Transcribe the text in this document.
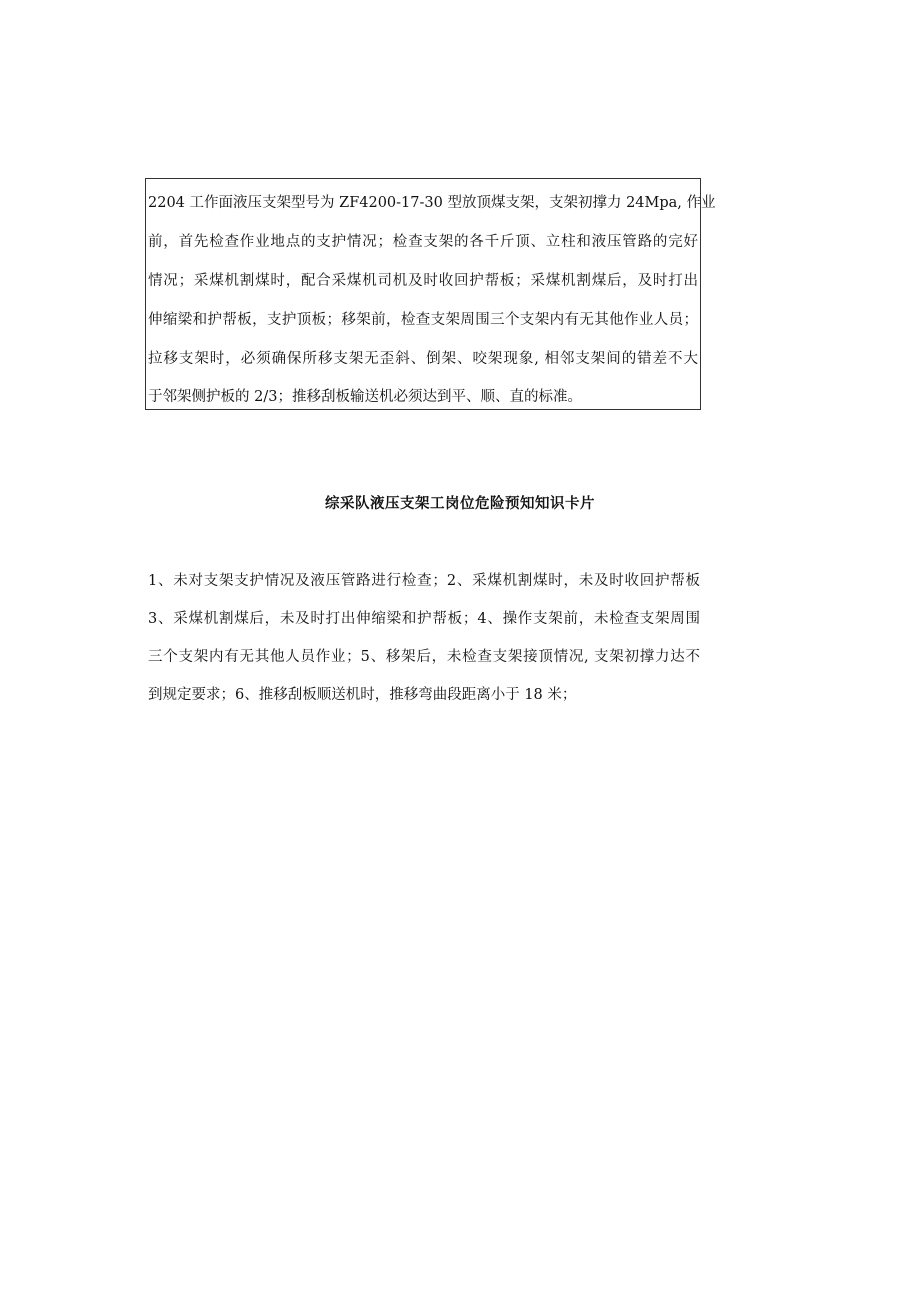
2204 工作面液压支架型号为 ZF4200-17-30 型放顶煤支架，支架初撑力 24Mpa, 作业
前，首先检查作业地点的支护情况；检查支架的各千斤顶、立柱和液压管路的完好
情况；采煤机割煤时，配合采煤机司机及时收回护帮板；采煤机割煤后，及时打出
伸缩梁和护帮板，支护顶板；移架前，检查支架周围三个支架内有无其他作业人员；
拉移支架时，必须确保所移支架无歪斜、倒架、咬架现象, 相邻支架间的错差不大
于邻架侧护板的 2/3；推移刮板输送机必须达到平、顺、直的标准。
综采队液压支架工岗位危险预知知识卡片
1、未对支架支护情况及液压管路进行检查；2、采煤机割煤时，未及时收回护帮板
3、采煤机割煤后，未及时打出伸缩梁和护帮板；4、操作支架前，未检查支架周围
三个支架内有无其他人员作业；5、移架后，未检查支架接顶情况, 支架初撑力达不
到规定要求；6、推移刮板顺送机时，推移弯曲段距离小于 18 米；
